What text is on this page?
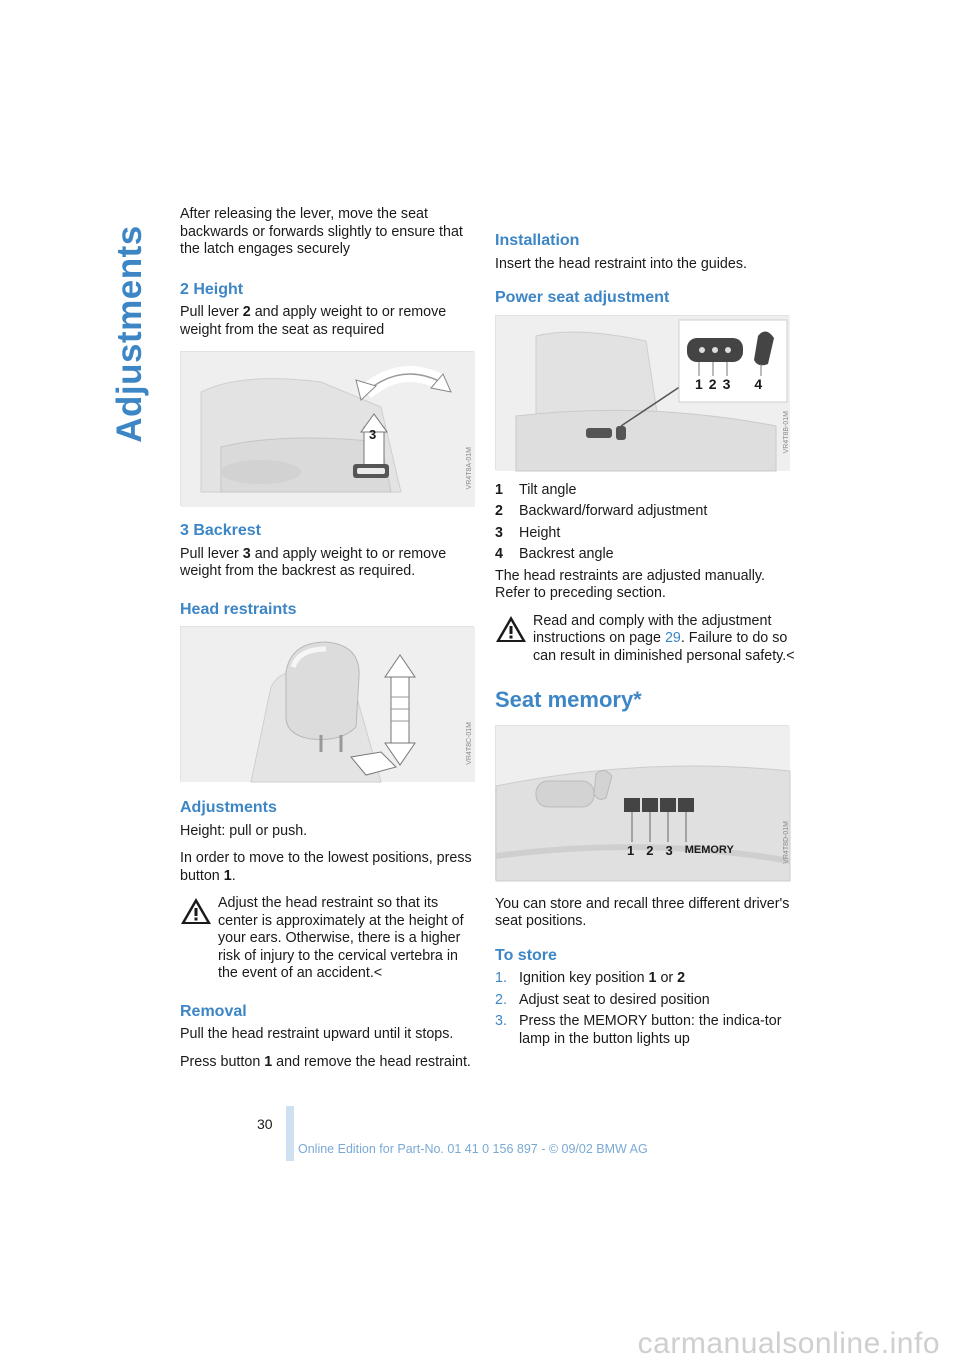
Adjustments

After releasing the lever, move the seat backwards or forwards slightly to ensure that the latch engages securely

2 Height

Pull lever 2 and apply weight to or remove weight from the seat as required

3
VR4T8A-01M
3 Backrest

Pull lever 3 and apply weight to or remove weight from the backrest as required.

Head restraints
VR4T8C-01M
Adjustments

Height: pull or push.

In order to move to the lowest positions, press button 1.

Adjust the head restraint so that its center is approximately at the height of your ears. Otherwise, there is a higher risk of injury to the cervical vertebra in the event of an accident.<
Removal

Pull the head restraint upward until it stops.

Press button 1 and remove the head restraint.

Installation

Insert the head restraint into the guides.

Power seat adjustment
1 2 3 4
VR4T8B-01M
1	Tilt angle
2	Backward/forward adjustment
3	Height
4	Backrest angle

The head restraints are adjusted manually. Refer to preceding section.

Read and comply with the adjustment instructions on page 29. Failure to do so can result in diminished personal safety.<
Seat memory*
1 2 3 MEMORY	VR4T8D-01M

You can store and recall three different driver's seat positions.

To store
1. Ignition key position 1 or 2
2. Adjust seat to desired position
3. Press the MEMORY button: the indica-tor lamp in the button lights up
30
Online Edition for Part-No. 01 41 0 156 897 - © 09/02 BMW AG
carmanualsonline.info
